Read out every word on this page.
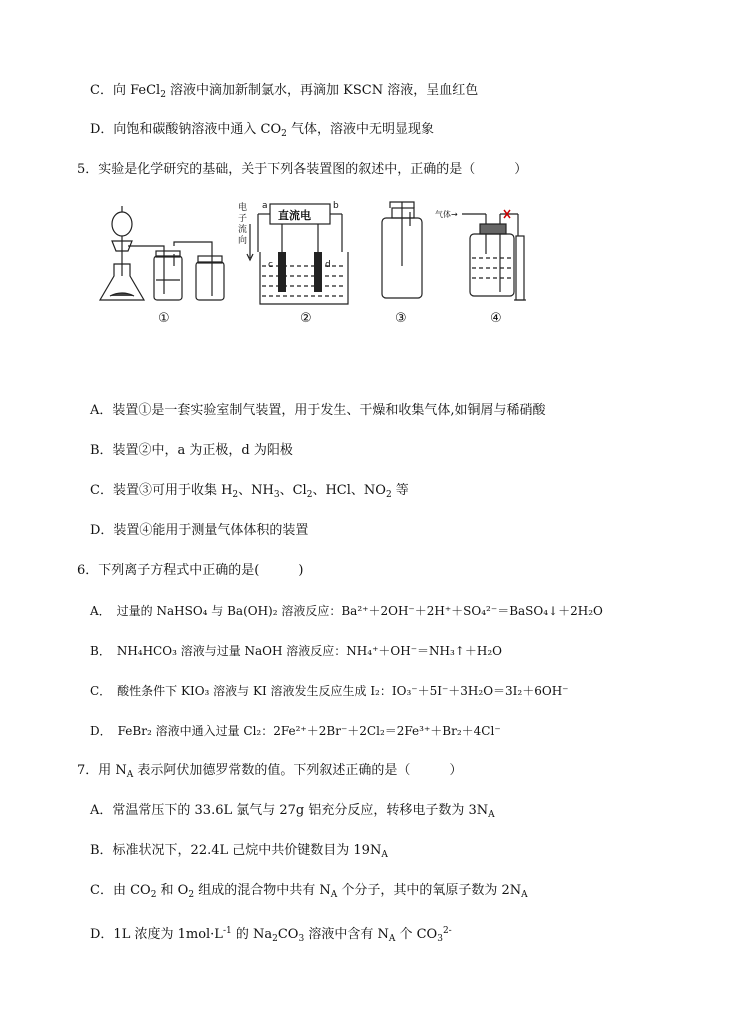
C．向 FeCl$_2$ 溶液中滴加新制氯水，再滴加 KSCN 溶液，呈血红色
D．向饱和碳酸钠溶液中通入 $CO_2$ 气体，溶液中无明显现象
5．实验是化学研究的基础，关于下列各装置图的叙述中，正确的是（　　　）
①
直流电
a	b
c	d
电
子
流
向
②	③
气体→
④
A．装置①是一套实验室制气装置，用于发生、干燥和收集气体,如铜屑与稀硝酸
B．装置②中，a 为正极，d 为阳极
C．装置③可用于收集 $H_2$、$NH_3$、$Cl_2$、HCl、$NO_2$ 等
D．装置④能用于测量气体体积的装置
6．下列离子方程式中正确的是(　　　)
A．　过量的 NaHSO₄ 与 Ba(OH)₂ 溶液反应：Ba²⁺＋2OH⁻＋2H⁺＋SO₄²⁻＝BaSO₄↓＋2H₂O
B．　NH₄HCO₃ 溶液与过量 NaOH 溶液反应：NH₄⁺＋OH⁻＝NH₃↑＋H₂O
C．　酸性条件下 KIO₃ 溶液与 KI 溶液发生反应生成 I₂：IO₃⁻＋5I⁻＋3H₂O＝3I₂＋6OH⁻
D．　FeBr₂ 溶液中通入过量 Cl₂：2Fe²⁺＋2Br⁻＋2Cl₂＝2Fe³⁺＋Br₂＋4Cl⁻
7．用 $N_A$ 表示阿伏加德罗常数的值。下列叙述正确的是（　　　）
A．常温常压下的 33.6L 氯气与 27g 铝充分反应，转移电子数为 $3N_A$
B．标准状况下，22.4L 己烷中共价键数目为 $19N_A$
C．由 $CO_2$ 和 $O_2$ 组成的混合物中共有 $N_A$ 个分子，其中的氧原子数为 $2N_A$
D．1L 浓度为 $1mol\cdot L^{-1}$ 的 $Na_2CO_3$ 溶液中含有 $N_A$ 个 $CO_3^{2-}$
